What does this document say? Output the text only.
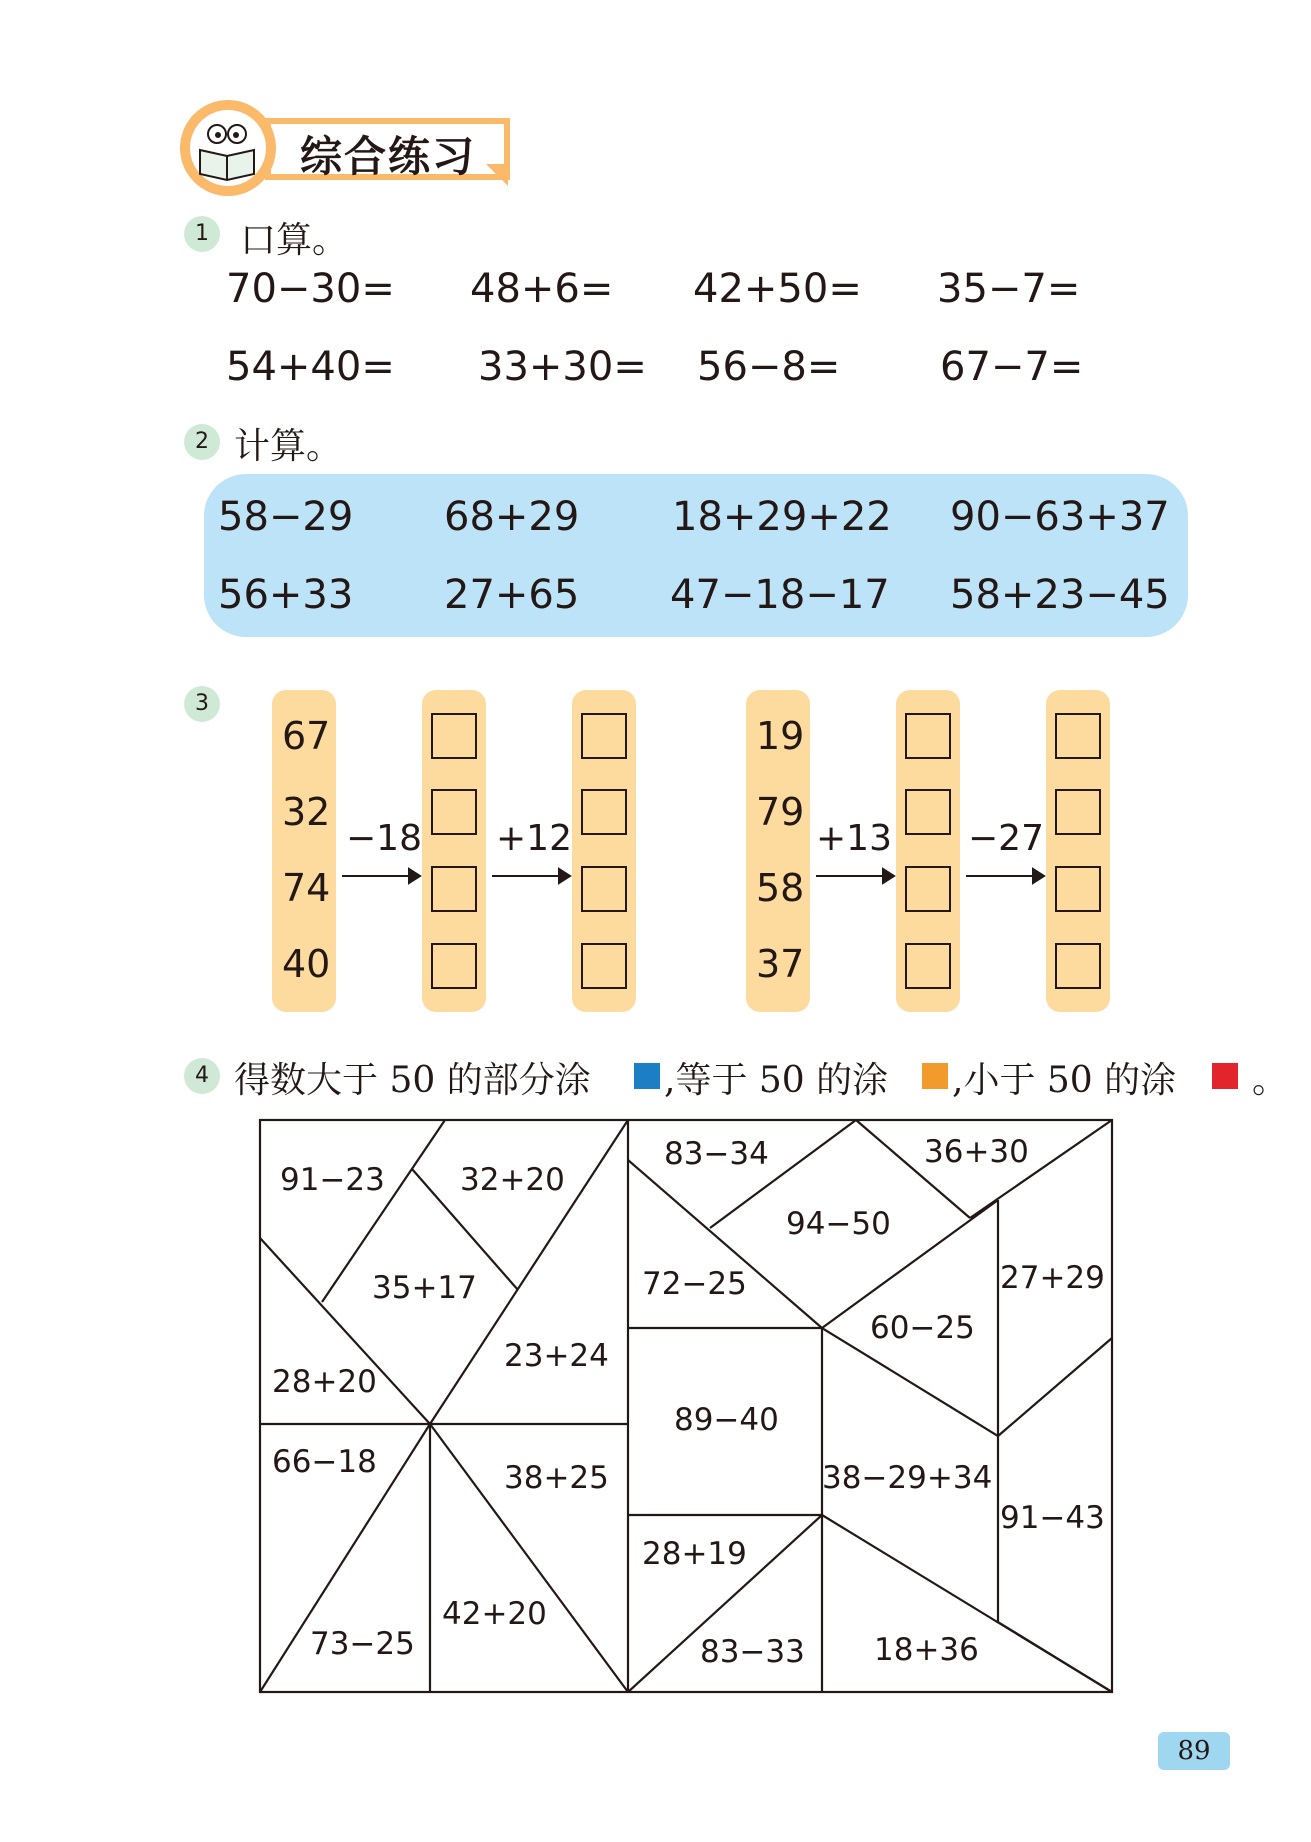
综合练习
1 口算。
70−30= 48+6= 42+50= 35−7=
54+40= 33+30= 56−8= 67−7=
2 计算。
58−29 68+29 18+29+22 90−63+37
56+33 27+65 47−18−17 58+23−45
3
67
32
74
40
−18 +12
19
79
58
37
+13 −27
4 得数大于 50 的部分涂 ,等于 50 的涂 ,小于 50 的涂 。
91−23 32+20
35+17
28+20
23+24
66−18	38+25
73−25
42+20
83−34	36+30
94−50
72−25
60−25
27+29
89−40
38−29+34
91−43
28+19
83−33 18+36
89
